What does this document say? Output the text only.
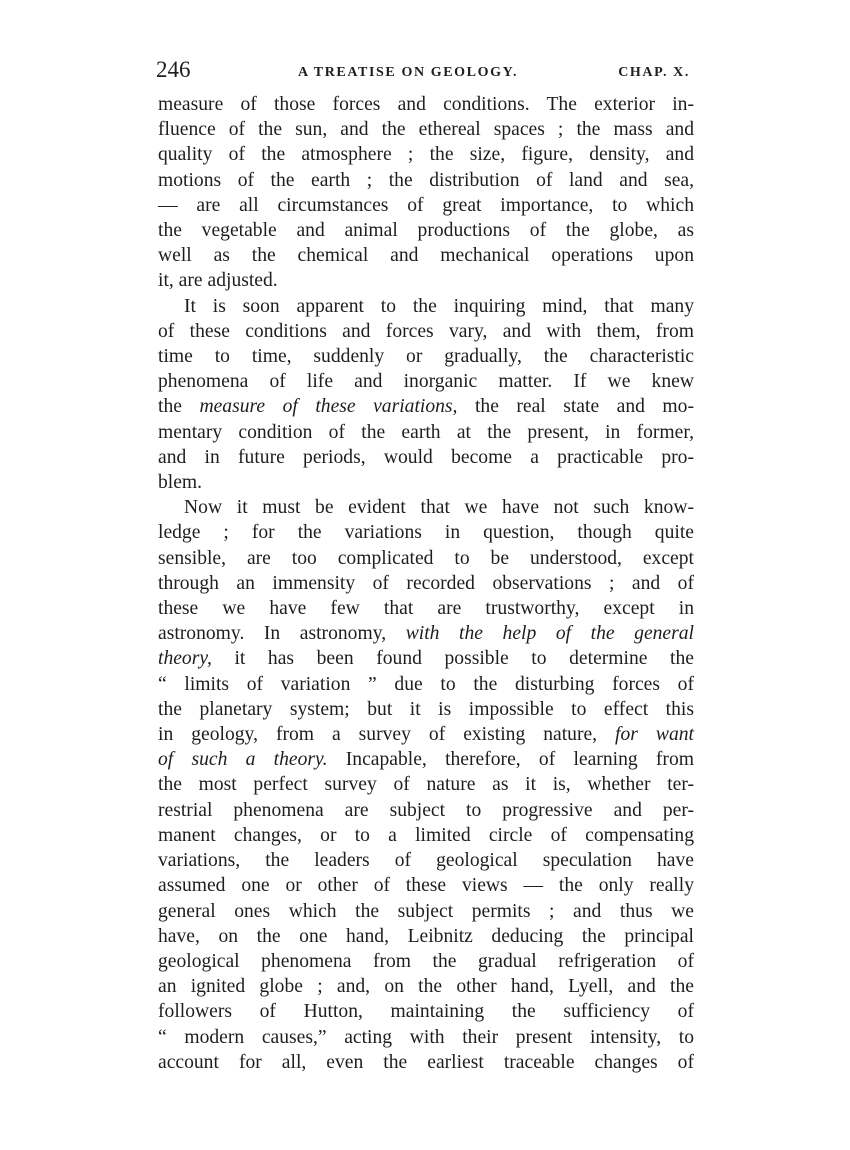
246	A TREATISE ON GEOLOGY.	CHAP. X.
measure of those forces and conditions. The exterior in-
fluence of the sun, and the ethereal spaces ; the mass and
quality of the atmosphere ; the size, figure, density, and
motions of the earth ; the distribution of land and sea,
— are all circumstances of great importance, to which
the vegetable and animal productions of the globe, as
well as the chemical and mechanical operations upon
it, are adjusted.
It is soon apparent to the inquiring mind, that many
of these conditions and forces vary, and with them, from
time to time, suddenly or gradually, the characteristic
phenomena of life and inorganic matter. If we knew
the measure of these variations, the real state and mo-
mentary condition of the earth at the present, in former,
and in future periods, would become a practicable pro-
blem.
Now it must be evident that we have not such know-
ledge ; for the variations in question, though quite
sensible, are too complicated to be understood, except
through an immensity of recorded observations ; and of
these we have few that are trustworthy, except in
astronomy. In astronomy, with the help of the general
theory, it has been found possible to determine the
“ limits of variation ” due to the disturbing forces of
the planetary system; but it is impossible to effect this
in geology, from a survey of existing nature, for want
of such a theory. Incapable, therefore, of learning from
the most perfect survey of nature as it is, whether ter-
restrial phenomena are subject to progressive and per-
manent changes, or to a limited circle of compensating
variations, the leaders of geological speculation have
assumed one or other of these views — the only really
general ones which the subject permits ; and thus we
have, on the one hand, Leibnitz deducing the principal
geological phenomena from the gradual refrigeration of
an ignited globe ; and, on the other hand, Lyell, and the
followers of Hutton, maintaining the sufficiency of
“ modern causes,” acting with their present intensity, to
account for all, even the earliest traceable changes of
